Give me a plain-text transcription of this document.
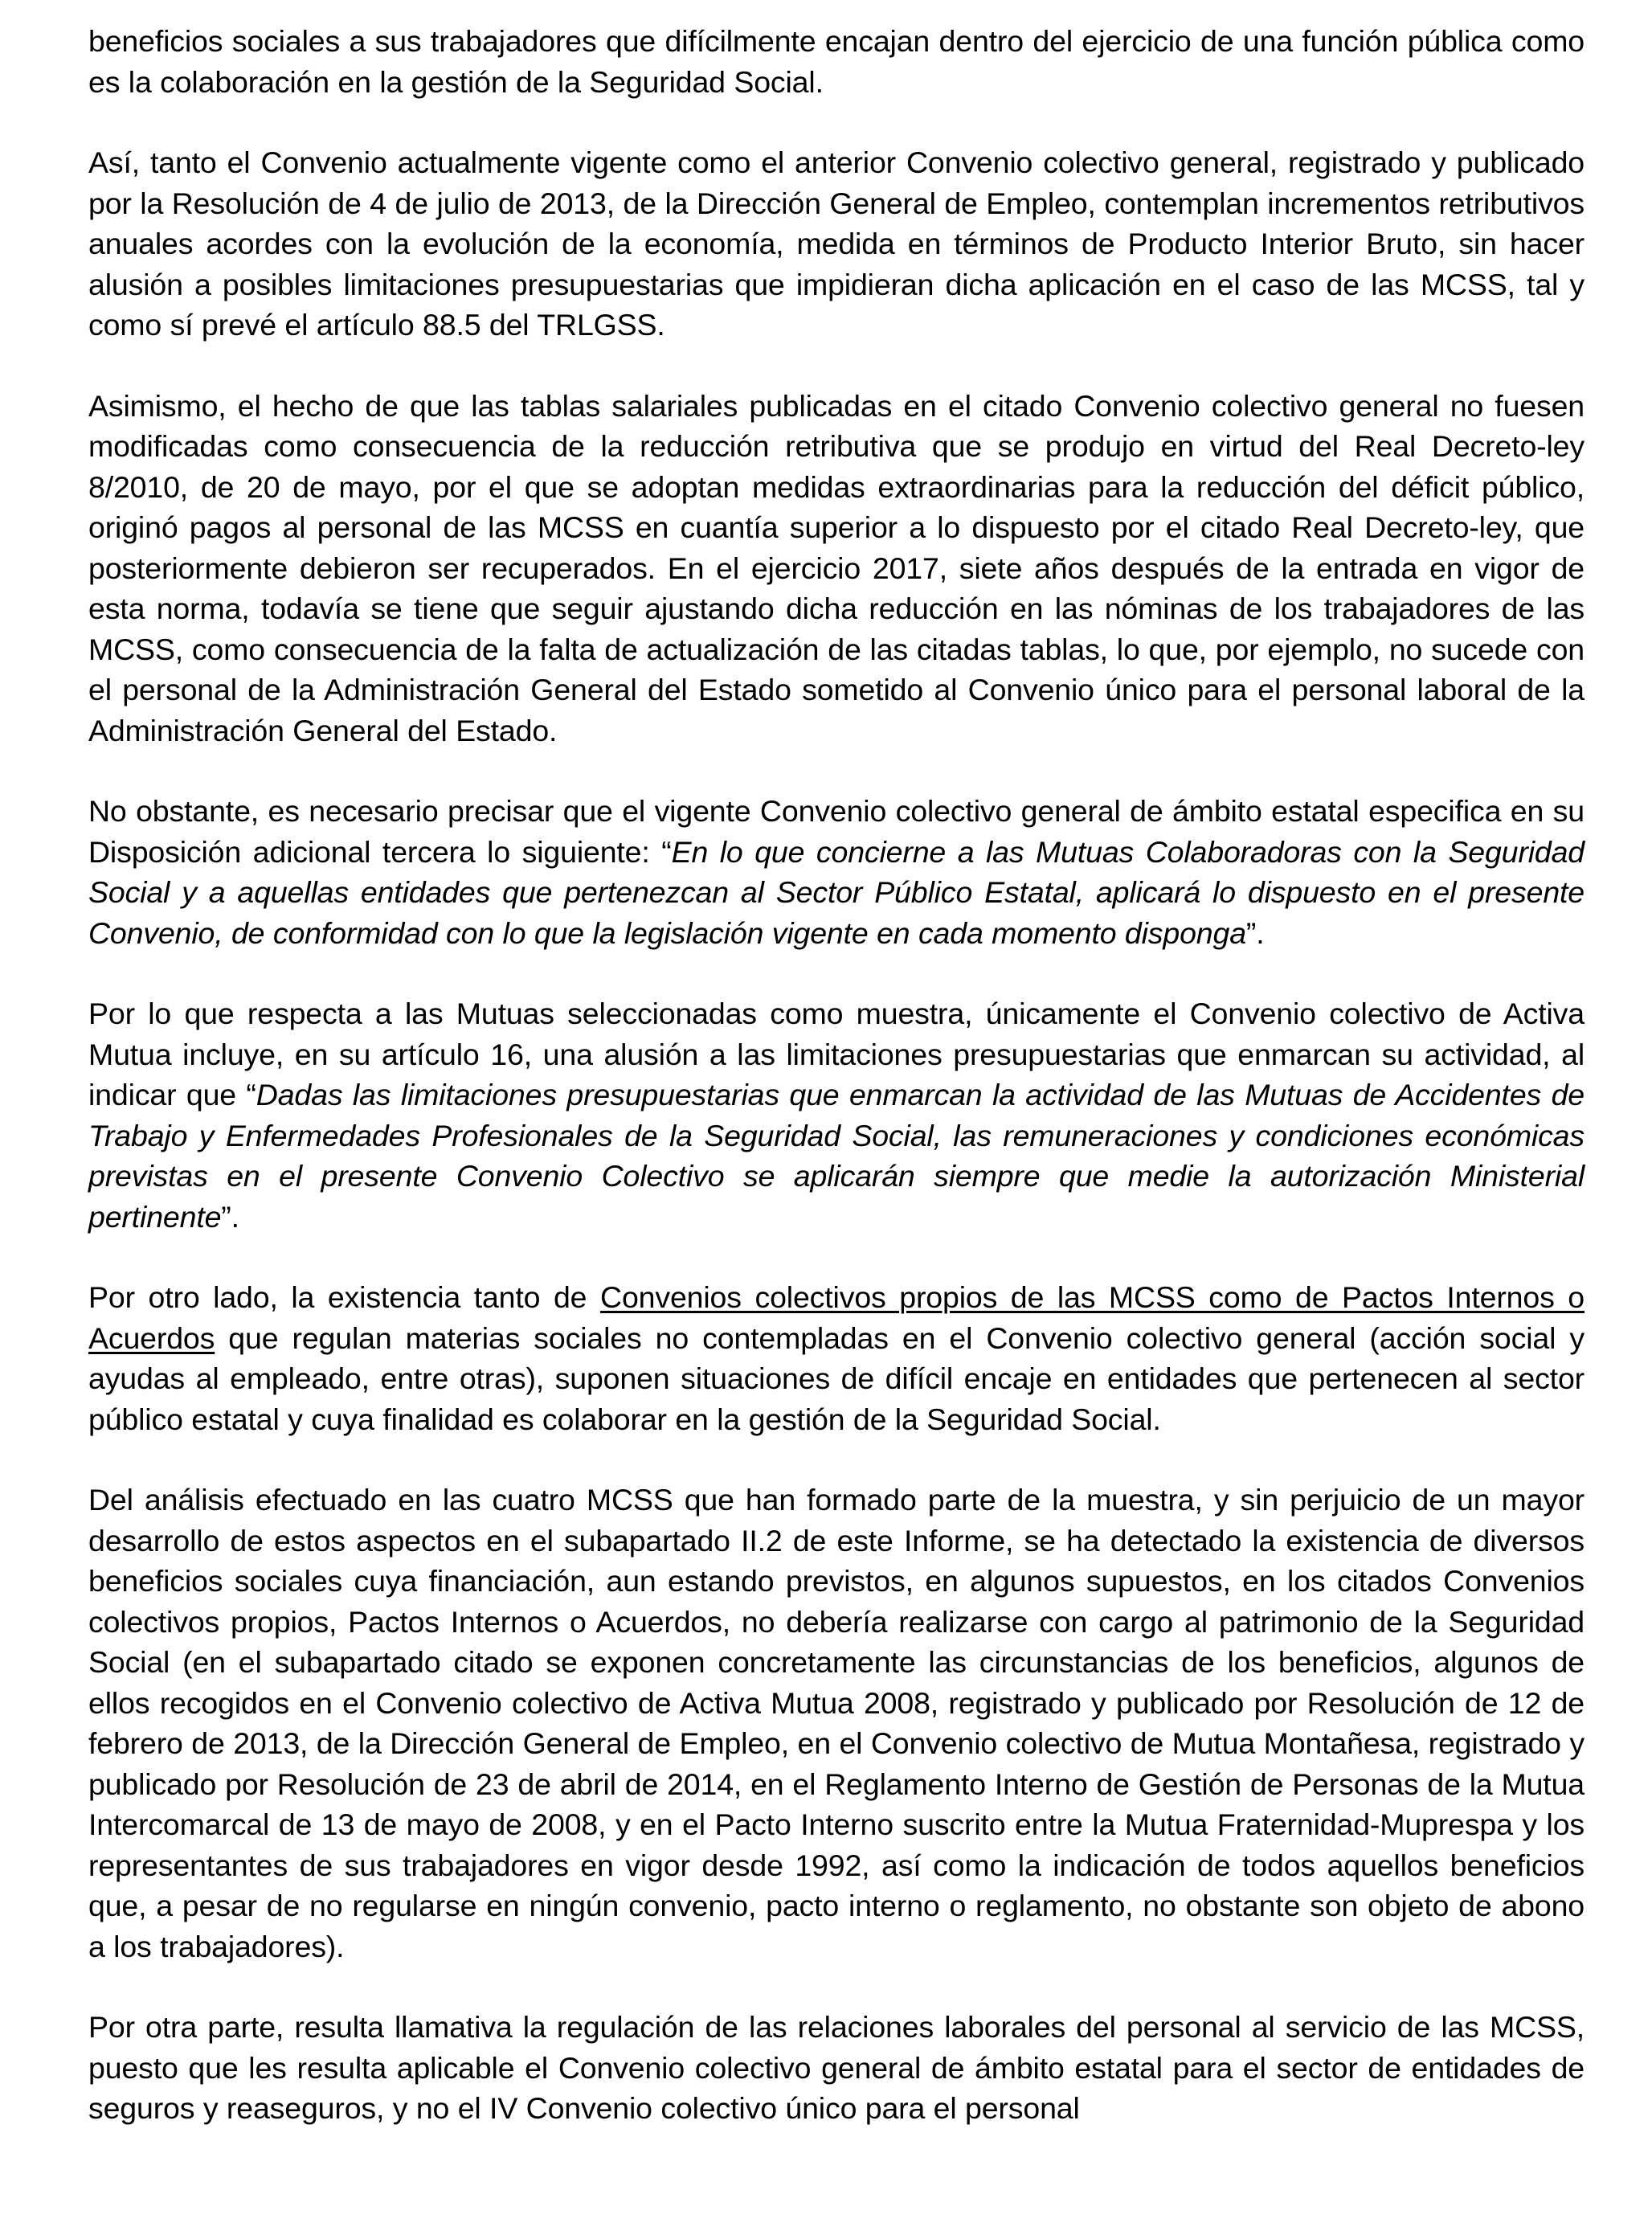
beneficios sociales a sus trabajadores que difícilmente encajan dentro del ejercicio de una función pública como es la colaboración en la gestión de la Seguridad Social.

Así, tanto el Convenio actualmente vigente como el anterior Convenio colectivo general, registrado y publicado por la Resolución de 4 de julio de 2013, de la Dirección General de Empleo, contemplan incrementos retributivos anuales acordes con la evolución de la economía, medida en términos de Producto Interior Bruto, sin hacer alusión a posibles limitaciones presupuestarias que impidieran dicha aplicación en el caso de las MCSS, tal y como sí prevé el artículo 88.5 del TRLGSS.

Asimismo, el hecho de que las tablas salariales publicadas en el citado Convenio colectivo general no fuesen modificadas como consecuencia de la reducción retributiva que se produjo en virtud del Real Decreto-ley 8/2010, de 20 de mayo, por el que se adoptan medidas extraordinarias para la reducción del déficit público, originó pagos al personal de las MCSS en cuantía superior a lo dispuesto por el citado Real Decreto-ley, que posteriormente debieron ser recuperados. En el ejercicio 2017, siete años después de la entrada en vigor de esta norma, todavía se tiene que seguir ajustando dicha reducción en las nóminas de los trabajadores de las MCSS, como consecuencia de la falta de actualización de las citadas tablas, lo que, por ejemplo, no sucede con el personal de la Administración General del Estado sometido al Convenio único para el personal laboral de la Administración General del Estado.

No obstante, es necesario precisar que el vigente Convenio colectivo general de ámbito estatal especifica en su Disposición adicional tercera lo siguiente: “En lo que concierne a las Mutuas Colaboradoras con la Seguridad Social y a aquellas entidades que pertenezcan al Sector Público Estatal, aplicará lo dispuesto en el presente Convenio, de conformidad con lo que la legislación vigente en cada momento disponga”.

Por lo que respecta a las Mutuas seleccionadas como muestra, únicamente el Convenio colectivo de Activa Mutua incluye, en su artículo 16, una alusión a las limitaciones presupuestarias que enmarcan su actividad, al indicar que “Dadas las limitaciones presupuestarias que enmarcan la actividad de las Mutuas de Accidentes de Trabajo y Enfermedades Profesionales de la Seguridad Social, las remuneraciones y condiciones económicas previstas en el presente Convenio Colectivo se aplicarán siempre que medie la autorización Ministerial pertinente”.

Por otro lado, la existencia tanto de Convenios colectivos propios de las MCSS como de Pactos Internos o Acuerdos que regulan materias sociales no contempladas en el Convenio colectivo general (acción social y ayudas al empleado, entre otras), suponen situaciones de difícil encaje en entidades que pertenecen al sector público estatal y cuya finalidad es colaborar en la gestión de la Seguridad Social.

Del análisis efectuado en las cuatro MCSS que han formado parte de la muestra, y sin perjuicio de un mayor desarrollo de estos aspectos en el subapartado II.2 de este Informe, se ha detectado la existencia de diversos beneficios sociales cuya financiación, aun estando previstos, en algunos supuestos, en los citados Convenios colectivos propios, Pactos Internos o Acuerdos, no debería realizarse con cargo al patrimonio de la Seguridad Social (en el subapartado citado se exponen concretamente las circunstancias de los beneficios, algunos de ellos recogidos en el Convenio colectivo de Activa Mutua 2008, registrado y publicado por Resolución de 12 de febrero de 2013, de la Dirección General de Empleo, en el Convenio colectivo de Mutua Montañesa, registrado y publicado por Resolución de 23 de abril de 2014, en el Reglamento Interno de Gestión de Personas de la Mutua Intercomarcal de 13 de mayo de 2008, y en el Pacto Interno suscrito entre la Mutua Fraternidad-Muprespa y los representantes de sus trabajadores en vigor desde 1992, así como la indicación de todos aquellos beneficios que, a pesar de no regularse en ningún convenio, pacto interno o reglamento, no obstante son objeto de abono a los trabajadores).

Por otra parte, resulta llamativa la regulación de las relaciones laborales del personal al servicio de las MCSS, puesto que les resulta aplicable el Convenio colectivo general de ámbito estatal para el sector de entidades de seguros y reaseguros, y no el IV Convenio colectivo único para el personal
